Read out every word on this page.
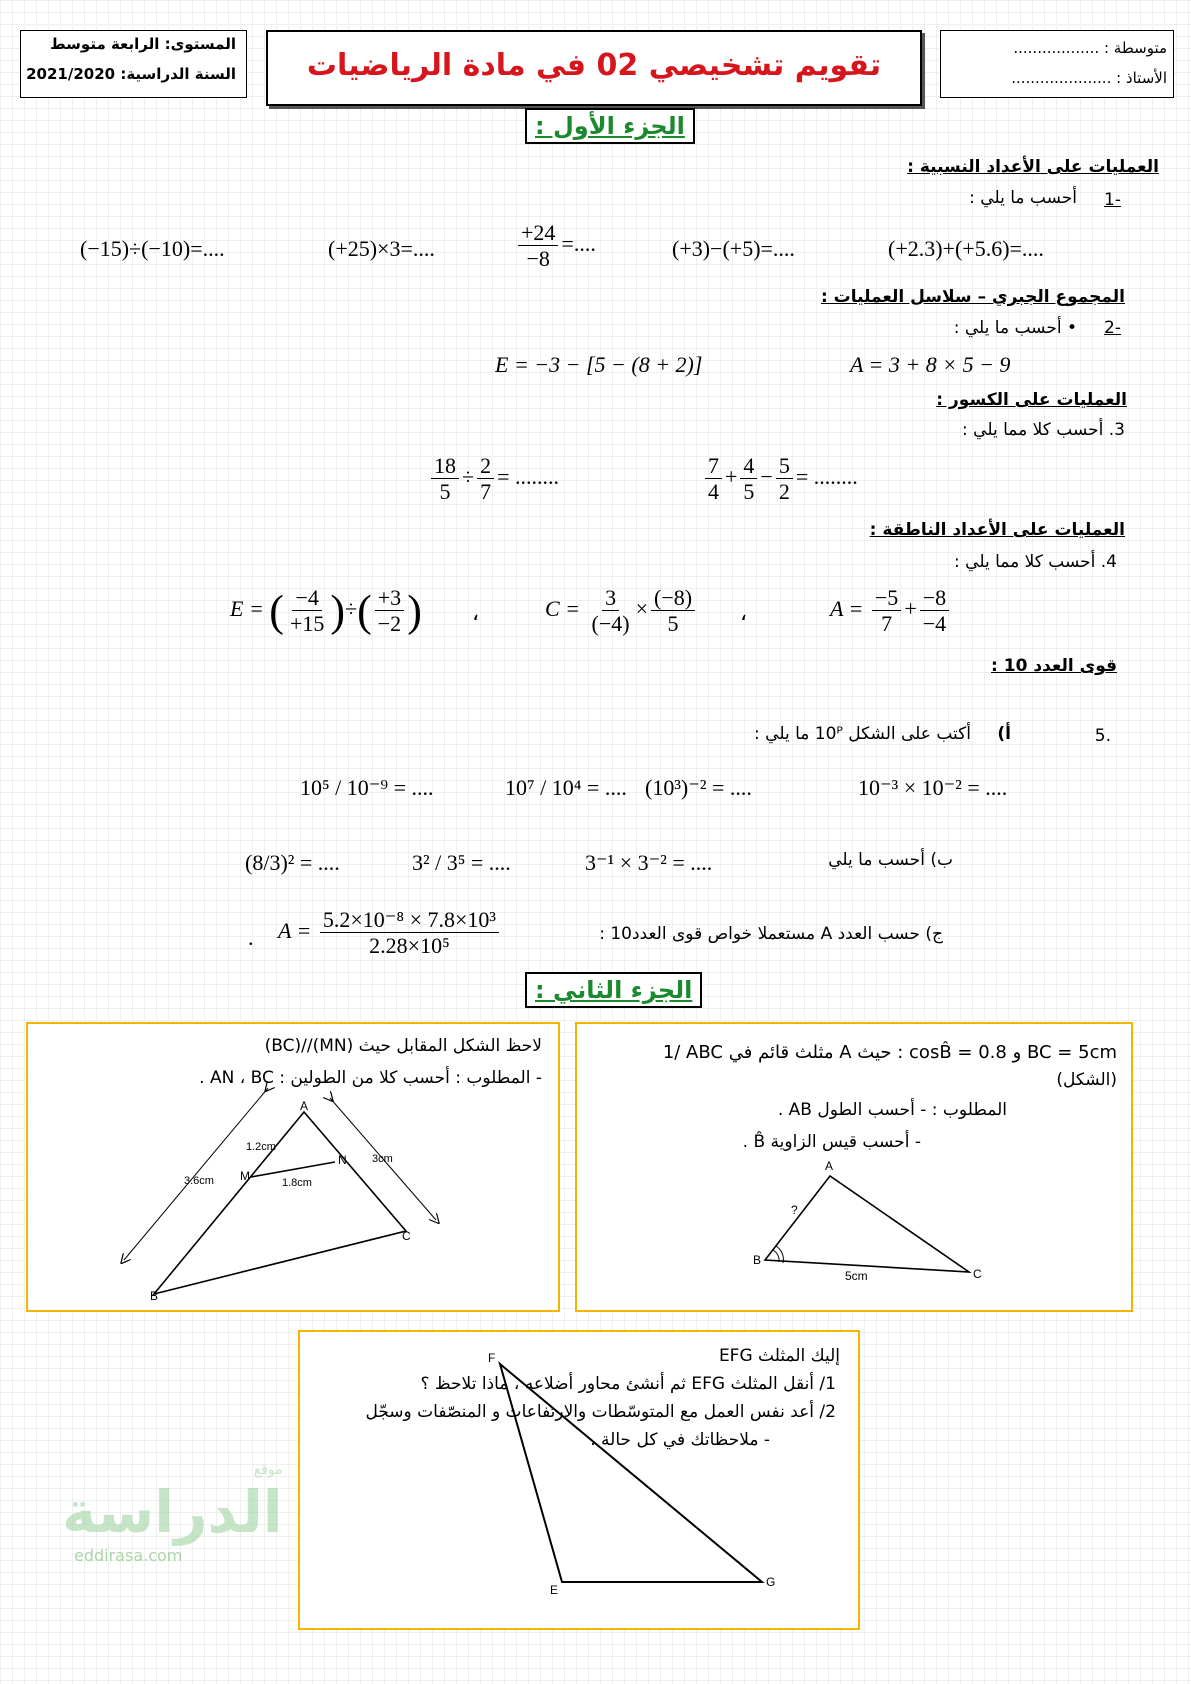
المستوى: الرابعة متوسط
السنة الدراسية: 2021/2020	تقويم تشخيصي 02 في مادة الرياضيات	متوسطة : ..................
الأستاذ : .....................
الجزء الأول :
العمليات على الأعداد النسبية :
-1
أحسب ما يلي :
(−15)÷(−10)=....	(+25)×3=....	$\frac{+24}{-8}$ =....	(+3)−(+5)=....	(+2.3)+(+5.6)=....
المجموع الجبري – سلاسل العمليات :
-2
• أحسب ما يلي :
E = −3 − [5 − (8 + 2)]	A = 3 + 8 × 5 − 9
العمليات على الكسور :
3. أحسب كلا مما يلي :
$\frac{18}{5} \div \frac{2}{7}$ = ........	$\frac{7}{4} + \frac{4}{5} - \frac{5}{2}$ = ........
العمليات على الأعداد الناطقة :
4. أحسب كلا مما يلي :
E = ( $\frac{-4}{+15}$ )÷( $\frac{+3}{-2}$ ) ،	$C = \frac{3}{(-4)} \times \frac{(-8)}{5}$ ،	$A = \frac{-5}{7} + \frac{-8}{-4}$
قوى العدد 10 :
.5
أ)
أكتب على الشكل 10ᴾ ما يلي :
10⁵ / 10⁻⁹ = ....	10⁷ / 10⁴ = .... (10³)⁻² = ....	10⁻³ × 10⁻² = ....
ب) أحسب ما يلي
(8/3)² = ....	3² / 3⁵ = ....	3⁻¹ × 3⁻² = ....
ج) حسب العدد A مستعملا خواص قوى العدد10 :
$A = \frac{\text{5.2×10⁻⁸ × 7.8×10³}}{\text{2.28×10⁵}}$
.
الجزء الثاني :
لاحظ الشكل المقابل حيث (MN)//(BC)
- المطلوب : أحسب كلا من الطولين : AN ، BC .
A
B
C
M
N
1.2cm
1.8cm
3.6cm
3cm
1/ ABC مثلث قائم في A حيث : cosB̂ = 0.8 و BC = 5cm
(الشكل)
المطلوب : - أحسب الطول AB .
- أحسب قيس الزاوية B̂ .
A
B
C
?
5cm
إليك المثلث EFG
1/ أنقل المثلث EFG ثم أنشئ محاور أضلاعه ، ماذا تلاحظ ؟
2/ أعد نفس العمل مع المتوسّطات والارتفاعات و المنصّفات وسجّل
- ملاحظاتك في كل حالة .
F
E
G
موقع
الدراسة
eddirasa.com
